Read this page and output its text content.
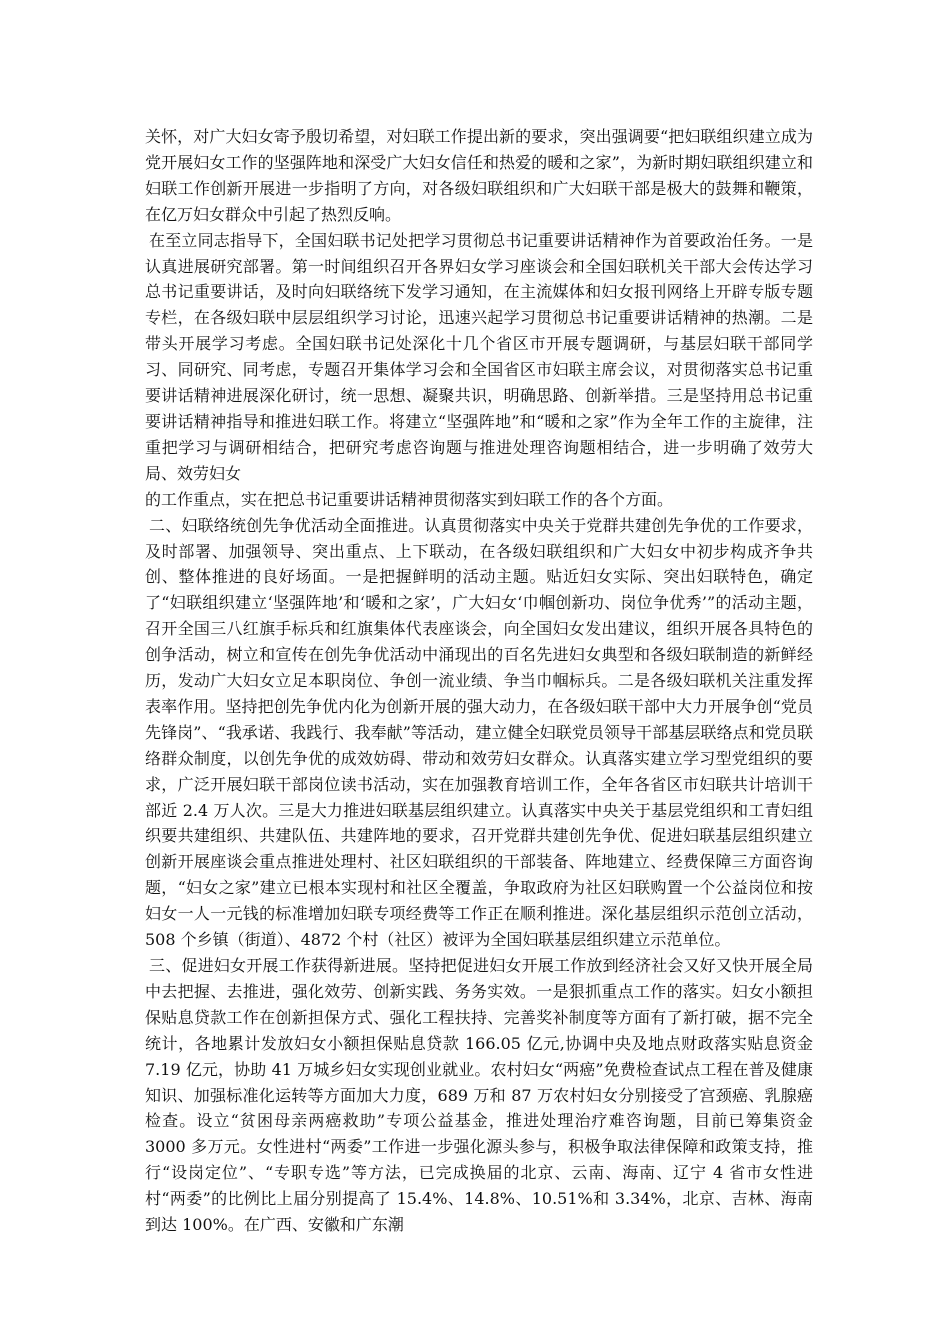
关怀，对广大妇女寄予殷切希望，对妇联工作提出新的要求，突出强调要“把妇联组织建立成为党开展妇女工作的坚强阵地和深受广大妇女信任和热爱的暖和之家”，为新时期妇联组织建立和妇联工作创新开展进一步指明了方向，对各级妇联组织和广大妇联干部是极大的鼓舞和鞭策，在亿万妇女群众中引起了热烈反响。

在至立同志指导下，全国妇联书记处把学习贯彻总书记重要讲话精神作为首要政治任务。一是认真进展研究部署。第一时间组织召开各界妇女学习座谈会和全国妇联机关干部大会传达学习总书记重要讲话，及时向妇联络统下发学习通知，在主流媒体和妇女报刊网络上开辟专版专题专栏，在各级妇联中层层组织学习讨论，迅速兴起学习贯彻总书记重要讲话精神的热潮。二是带头开展学习考虑。全国妇联书记处深化十几个省区市开展专题调研，与基层妇联干部同学习、同研究、同考虑，专题召开集体学习会和全国省区市妇联主席会议，对贯彻落实总书记重要讲话精神进展深化研讨，统一思想、凝聚共识，明确思路、创新举措。三是坚持用总书记重要讲话精神指导和推进妇联工作。将建立“坚强阵地”和“暖和之家”作为全年工作的主旋律，注重把学习与调研相结合，把研究考虑咨询题与推进处理咨询题相结合，进一步明确了效劳大局、效劳妇女

的工作重点，实在把总书记重要讲话精神贯彻落实到妇联工作的各个方面。

二、妇联络统创先争优活动全面推进。认真贯彻落实中央关于党群共建创先争优的工作要求，及时部署、加强领导、突出重点、上下联动，在各级妇联组织和广大妇女中初步构成齐争共创、整体推进的良好场面。一是把握鲜明的活动主题。贴近妇女实际、突出妇联特色，确定了“妇联组织建立‘坚强阵地’和‘暖和之家’，广大妇女‘巾帼创新功、岗位争优秀’”的活动主题，召开全国三八红旗手标兵和红旗集体代表座谈会，向全国妇女发出建议，组织开展各具特色的创争活动，树立和宣传在创先争优活动中涌现出的百名先进妇女典型和各级妇联制造的新鲜经历，发动广大妇女立足本职岗位、争创一流业绩、争当巾帼标兵。二是各级妇联机关注重发挥表率作用。坚持把创先争优内化为创新开展的强大动力，在各级妇联干部中大力开展争创“党员先锋岗”、“我承诺、我践行、我奉献”等活动，建立健全妇联党员领导干部基层联络点和党员联络群众制度，以创先争优的成效妨碍、带动和效劳妇女群众。认真落实建立学习型党组织的要求，广泛开展妇联干部岗位读书活动，实在加强教育培训工作，全年各省区市妇联共计培训干部近 2.4 万人次。三是大力推进妇联基层组织建立。认真落实中央关于基层党组织和工青妇组织要共建组织、共建队伍、共建阵地的要求，召开党群共建创先争优、促进妇联基层组织建立创新开展座谈会重点推进处理村、社区妇联组织的干部装备、阵地建立、经费保障三方面咨询题，“妇女之家”建立已根本实现村和社区全覆盖，争取政府为社区妇联购置一个公益岗位和按妇女一人一元钱的标准增加妇联专项经费等工作正在顺利推进。深化基层组织示范创立活动，508 个乡镇（街道）、4872 个村（社区）被评为全国妇联基层组织建立示范单位。

三、促进妇女开展工作获得新进展。坚持把促进妇女开展工作放到经济社会又好又快开展全局中去把握、去推进，强化效劳、创新实践、务务实效。一是狠抓重点工作的落实。妇女小额担保贴息贷款工作在创新担保方式、强化工程扶持、完善奖补制度等方面有了新打破，据不完全统计，各地累计发放妇女小额担保贴息贷款 166.05 亿元,协调中央及地点财政落实贴息资金 7.19 亿元，协助 41 万城乡妇女实现创业就业。农村妇女“两癌”免费检查试点工程在普及健康知识、加强标准化运转等方面加大力度，689 万和 87 万农村妇女分别接受了宫颈癌、乳腺癌检查。设立“贫困母亲两癌救助”专项公益基金，推进处理治疗难咨询题，目前已筹集资金 3000 多万元。女性进村“两委”工作进一步强化源头参与，积极争取法律保障和政策支持，推行“设岗定位”、“专职专选”等方法，已完成换届的北京、云南、海南、辽宁 4 省市女性进村“两委”的比例比上届分别提高了 15.4%、14.8%、10.51%和 3.34%，北京、吉林、海南到达 100%。在广西、安徽和广东潮
